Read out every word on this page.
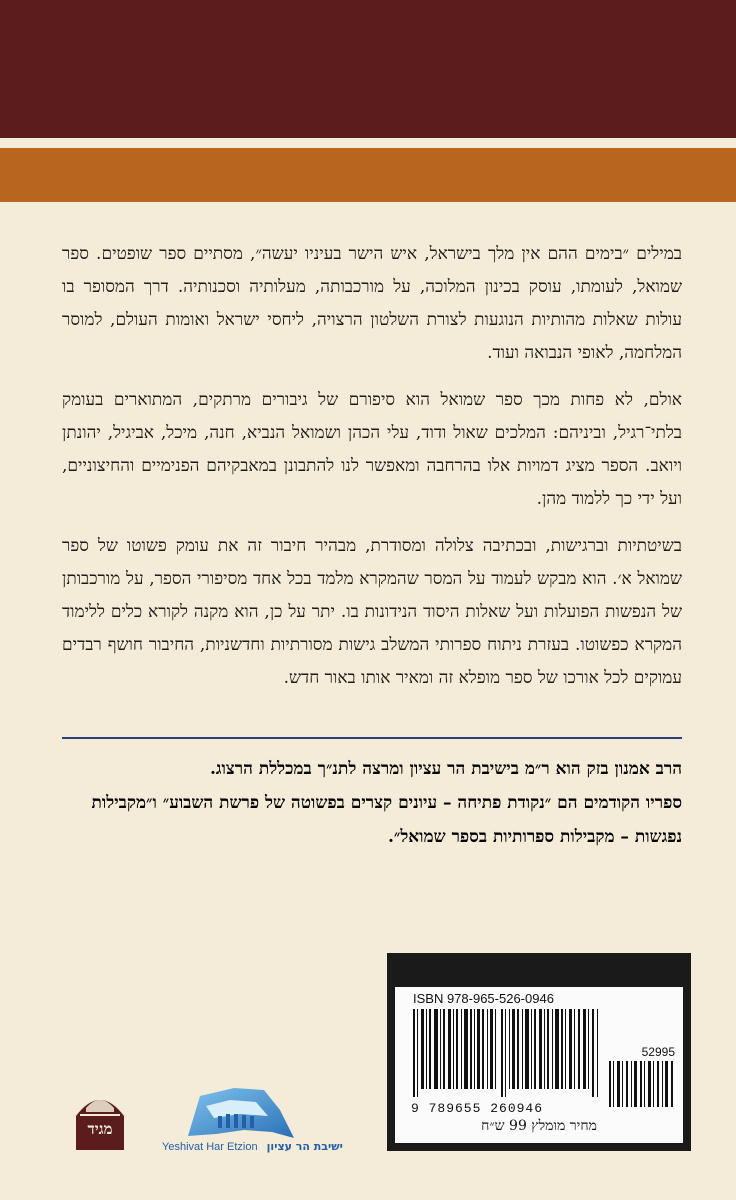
במילים ״בימים ההם אין מלך בישראל, איש הישר בעיניו יעשה״, מסתיים ספר שופטים. ספר שמואל, לעומתו, עוסק בכינון המלוכה, על מורכבותה, מעלותיה וסכנותיה. דרך המסופר בו עולות שאלות מהותיות הנוגעות לצורת השלטון הרצויה, ליחסי ישראל ואומות העולם, למוסר המלחמה, לאופי הנבואה ועוד.

אולם, לא פחות מכך ספר שמואל הוא סיפורם של גיבורים מרתקים, המתוארים בעומק בלתי־רגיל, וביניהם: המלכים שאול ודוד, עלי הכהן ושמואל הנביא, חנה, מיכל, אביגיל, יהונתן ויואב. הספר מציג דמויות אלו בהרחבה ומאפשר לנו להתבונן במאבקיהם הפנימיים והחיצוניים, ועל ידי כך ללמוד מהן.

בשיטתיות וברגישות, ובכתיבה צלולה ומסודרת, מבהיר חיבור זה את עומק פשוטו של ספר שמואל א׳. הוא מבקש לעמוד על המסר שהמקרא מלמד בכל אחד מסיפורי הספר, על מורכבותן של הנפשות הפועלות ועל שאלות היסוד הנידונות בו. יתר על כן, הוא מקנה לקורא כלים ללימוד המקרא כפשוטו. בעזרת ניתוח ספרותי המשלב גישות מסורתיות וחדשניות, החיבור חושף רבדים עמוקים לכל אורכו של ספר מופלא זה ומאיר אותו באור חדש.

הרב אמנון בזק הוא ר״מ בישיבת הר עציון ומרצה לתנ״ך במכללת הרצוג.

ספריו הקודמים הם ״נקודת פתיחה – עיונים קצרים בפשוטה של פרשת השבוע״ ו״מקבילות נפגשות – מקבילות ספרותיות בספר שמואל״.

ISBN 978-965-526-0946
52995
9 789655 260946
מחיר מומלץ 99 ש״ח
Yeshivat Har Etzion ישיבת הר עציון
מגיד
